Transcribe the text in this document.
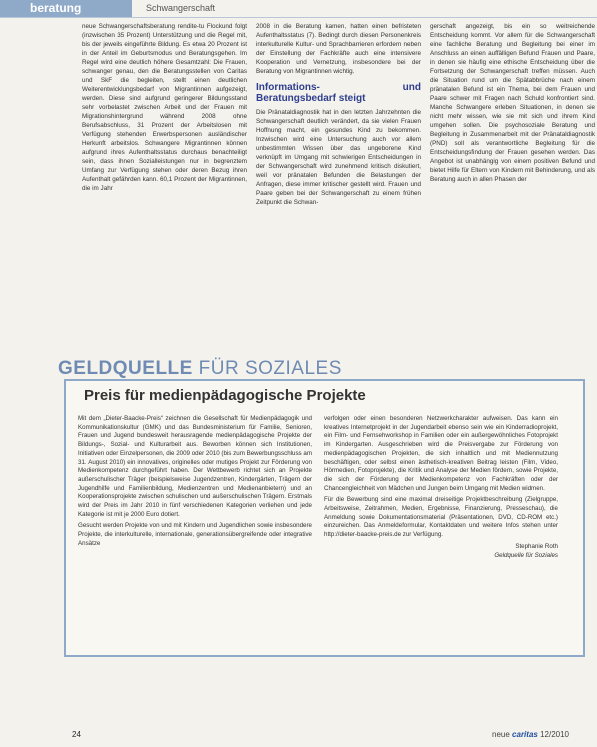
beratung	Schwangerschaft

neue Schwangerschaftsberatung rendite-tu Flockund folgt (inzwischen 35 Prozent) Unterstützung und die Regel mit, bis der jeweils eingeführte Bildung. Es etwa 20 Prozent ist in der Anteil im Geburtsmodus und Beratungsgehen. Im Regel wird eine deutlich höhere Gesamtzahl: Die Frauen, schwanger genau, den die Beratungsstellen von Caritas und SkF die begleiten, stellt einen deutlichen Weiterentwicklungsbedarf von Migrantinnen aufgezeigt, werden. Diese sind aufgrund geringerer Bildungsstand sehr vorbelastet zwischen Arbeit und der Frauen mit Migrationshintergrund während 2008 ohne Berufsabschluss, 31 Prozent der Arbeitslosen mit Verfügung stehenden Erwerbspersonen ausländischer Herkunft arbeitslos. Schwangere Migrantinnen können aufgrund ihres Aufenthaltsstatus durchaus benachteiligt sein, dass ihnen Sozialleistungen nur in begrenztem Umfang zur Verfügung stehen oder deren Bezug ihren Aufenthalt gefährden kann. 60,1 Prozent der Migrantinnen, die im Jahr

2008 in die Beratung kamen, hatten einen befristeten Aufenthaltsstatus (7). Bedingt durch diesen Personenkreis interkulturelle Kultur- und Sprachbarrieren erfordern neben der Einstellung der Fachkräfte auch eine intensivere Kooperation und Vernetzung, insbesondere bei der Beratung von Migrantinnen wichtig.

Informations- und Beratungsbedarf steigt

Die Pränataldiagnostik hat in den letzten Jahrzehnten die Schwangerschaft deutlich verändert, da sie vielen Frauen Hoffnung macht, ein gesundes Kind zu bekommen. Inzwischen wird eine Untersuchung auch vor allem unbestimmten Wissen über das ungeborene Kind verknüpft im Umgang mit schwierigen Entscheidungen in der Schwangerschaft wird zunehmend kritisch diskutiert, weil vor pränatalen Befunden die Belastungen der Anfragen, diese immer kritischer gestellt wird. Frauen und Paare geben bei der Schwangerschaft zu einem frühen Zeitpunkt die Schwan-

gerschaft angezeigt, bis ein so weitreichende Entscheidung kommt. Vor allem für die Schwangerschaft eine fachliche Beratung und Begleitung bei einer im Anschluss an einen auffälligen Befund Frauen und Paare, in denen sie häufig eine ethische Entscheidung über die Fortsetzung der Schwangerschaft treffen müssen. Auch die Situation rund um die Spätabbrüche nach einem pränatalen Befund ist ein Thema, bei dem Frauen und Paare schwer mit Fragen nach Schuld konfrontiert sind. Manche Schwangere erleben Situationen, in denen sie nicht mehr wissen, wie sie mit sich und ihrem Kind umgehen sollen. Die psychosoziale Beratung und Begleitung in Zusammenarbeit mit der Pränataldiagnostik (PND) soll als verantwortliche Begleitung für die Entscheidungsfindung der Frauen gesehen werden. Das Angebot ist unabhängig von einem positiven Befund und bietet Hilfe für Eltern von Kindern mit Behinderung, und als Beratung auch in allen Phasen der

GELDQUELLE FÜR SOZIALES
Preis für medienpädagogische Projekte

Mit dem „Dieter-Baacke-Preis“ zeichnen die Gesellschaft für Medienpädagogik und Kommunikationskultur (GMK) und das Bundesministerium für Familie, Senioren, Frauen und Jugend bundesweit herausragende medienpädagogische Projekte der Bildungs-, Sozial- und Kulturarbeit aus. Beworben können sich Institutionen, Initiativen oder Einzelpersonen, die 2009 oder 2010 (bis zum Bewerbungsschluss am 31. August 2010) ein innovatives, originelles oder mutiges Projekt zur Förderung von Medienkompetenz durchgeführt haben. Der Wettbewerb richtet sich an Projekte außerschulischer Träger (beispielsweise Jugendzentren, Kindergärten, Trägern der Jugendhilfe und Familienbildung, Medienzentren und Medienanbietern) und an Kooperationsprojekte zwischen schulischen und außerschulischen Trägern. Erstmals wird der Preis im Jahr 2010 in fünf verschiedenen Kategorien verliehen und jede Kategorie ist mit je 2000 Euro dotiert.

Gesucht werden Projekte von und mit Kindern und Jugendlichen sowie insbesondere Projekte, die interkulturelle, internationale, generationsübergreifende oder integrative Ansätze

verfolgen oder einen besonderen Netzwerkcharakter aufweisen. Das kann ein kreatives Internetprojekt in der Jugendarbeit ebenso sein wie ein Kinderradioprojekt, ein Film- und Fernsehworkshop in Familien oder ein außergewöhnliches Fotoprojekt im Kindergarten. Ausgeschrieben wird die Preisvergabe zur Förderung von medienpädagogischen Projekten, die sich inhaltlich und mit Mediennutzung beschäftigen, oder selbst einen ästhetisch-kreativen Beitrag leisten (Film, Video, Hörmedien, Fotoprojekte), die Kritik und Analyse der Medien fördern, sowie Projekte, die sich der Förderung der Medienkompetenz von Fachkräften oder der Chancengleichheit von Mädchen und Jungen beim Umgang mit Medien widmen.

Für die Bewerbung sind eine maximal dreiseitige Projektbeschreibung (Zielgruppe, Arbeitsweise, Zeitrahmen, Medien, Ergebnisse, Finanzierung, Presseschau), die Anmeldung sowie Dokumentationsmaterial (Präsentationen, DVD, CD-ROM etc.) einzureichen. Das Anmeldeformular, Kontaktdaten und weitere Infos stehen unter http://dieter-baacke-preis.de zur Verfügung.

Stephanie Roth
Geldquelle für Soziales
24	neue caritas 12/2010
